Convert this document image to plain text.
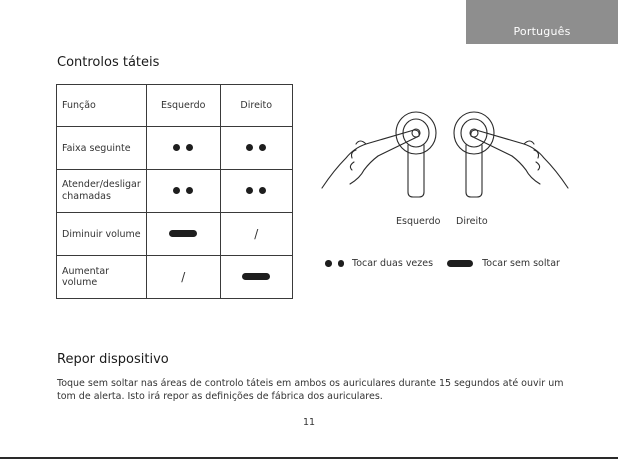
Português
Controlos táteis
Função	Esquerdo	Direito
Faixa seguinte	

Atender/desligar chamadas	

Diminuir volume		/
Aumentar volume	/	
Esquerdo Direito
Tocar duas vezes	Tocar sem soltar
Repor dispositivo
Toque sem soltar nas áreas de controlo táteis em ambos os auriculares durante 15 segundos até ouvir um tom de alerta. Isto irá repor as definições de fábrica dos auriculares.
11
